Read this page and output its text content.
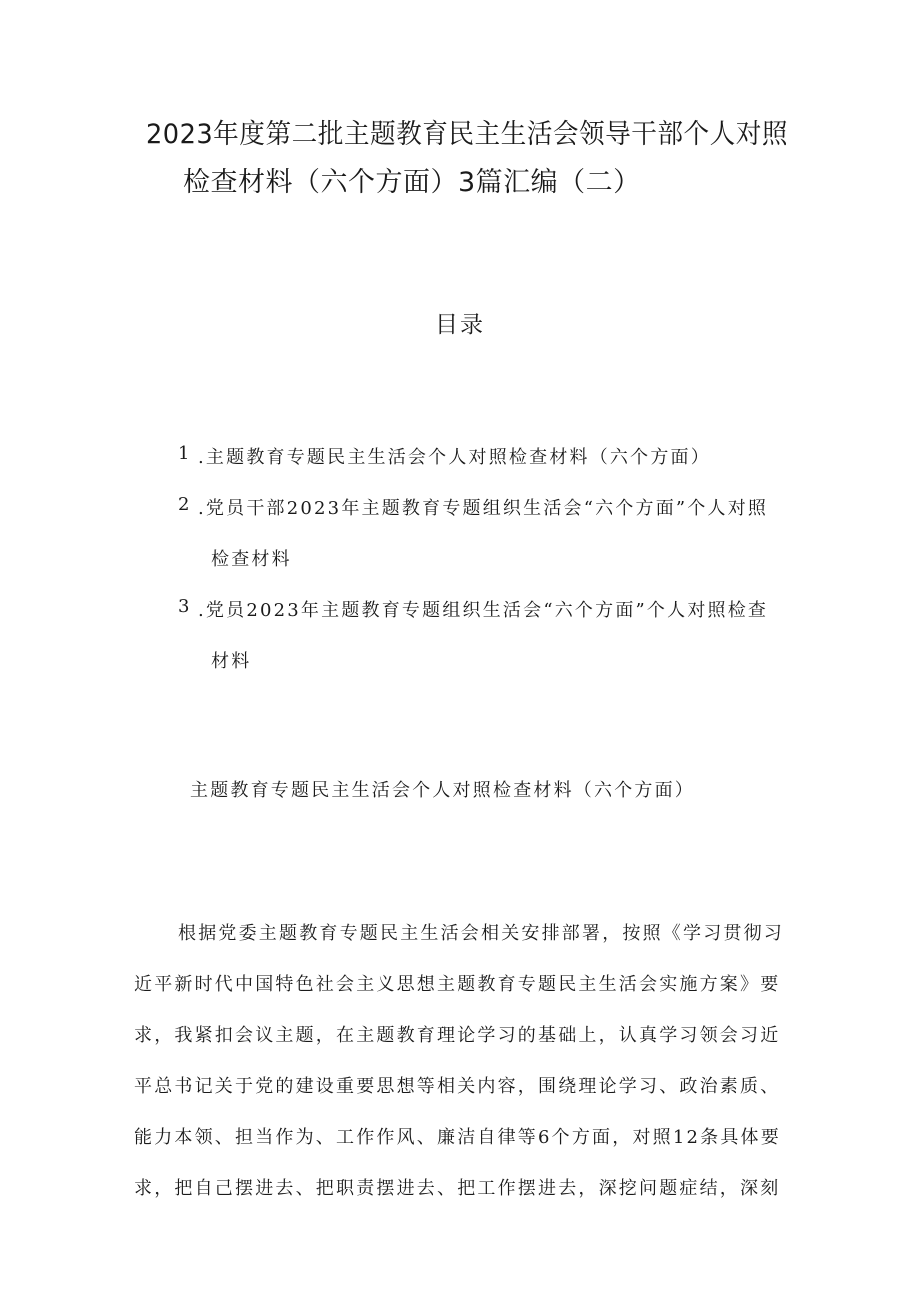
2023年度第二批主题教育民主生活会领导干部个人对照
检查材料（六个方面）3篇汇编（二）
目录
1 .主题教育专题民主生活会个人对照检查材料（六个方面）
2 .党员干部2023年主题教育专题组织生活会“六个方面”个人对照
检查材料
3 .党员2023年主题教育专题组织生活会“六个方面”个人对照检查
材料
主题教育专题民主生活会个人对照检查材料（六个方面）
根据党委主题教育专题民主生活会相关安排部署，按照《学习贯彻习
近平新时代中国特色社会主义思想主题教育专题民主生活会实施方案》要
求，我紧扣会议主题，在主题教育理论学习的基础上，认真学习领会习近
平总书记关于党的建设重要思想等相关内容，围绕理论学习、政治素质、
能力本领、担当作为、工作作风、廉洁自律等6个方面，对照12条具体要
求，把自己摆进去、把职责摆进去、把工作摆进去，深挖问题症结，深刻
